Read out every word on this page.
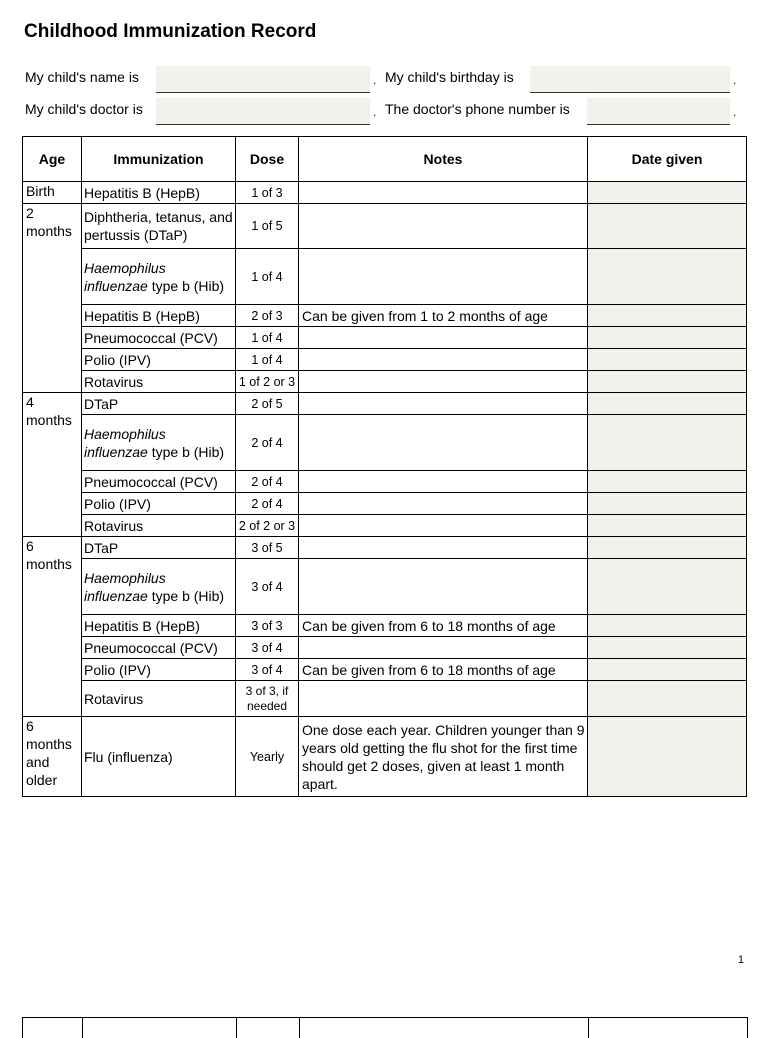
Childhood Immunization Record
My child's name is	. My child's birthday is	.
My child's doctor is	. The doctor's phone number is	.
Age	Immunization	Dose	Notes	Date given
Birth	Hepatitis B (HepB)	1 of 3		
2 months	Diphtheria, tetanus, and pertussis (DTaP)	1 of 5		
	Haemophilus influenzae type b (Hib)	1 of 4		
	Hepatitis B (HepB)	2 of 3	Can be given from 1 to 2 months of age	
	Pneumococcal (PCV)	1 of 4		
	Polio (IPV)	1 of 4		
	Rotavirus	1 of 2 or 3		
4 months	DTaP	2 of 5		
	Haemophilus influenzae type b (Hib)	2 of 4		
	Pneumococcal (PCV)	2 of 4		
	Polio (IPV)	2 of 4		
	Rotavirus	2 of 2 or 3		
6 months	DTaP	3 of 5		
	Haemophilus influenzae type b (Hib)	3 of 4		
	Hepatitis B (HepB)	3 of 3	Can be given from 6 to 18 months of age	
	Pneumococcal (PCV)	3 of 4		
	Polio (IPV)	3 of 4	Can be given from 6 to 18 months of age	
	Rotavirus	3 of 3, if needed		
6 months and older	Flu (influenza)	Yearly	One dose each year. Children younger than 9 years old getting the flu shot for the first time should get 2 doses, given at least 1 month apart.	
1
